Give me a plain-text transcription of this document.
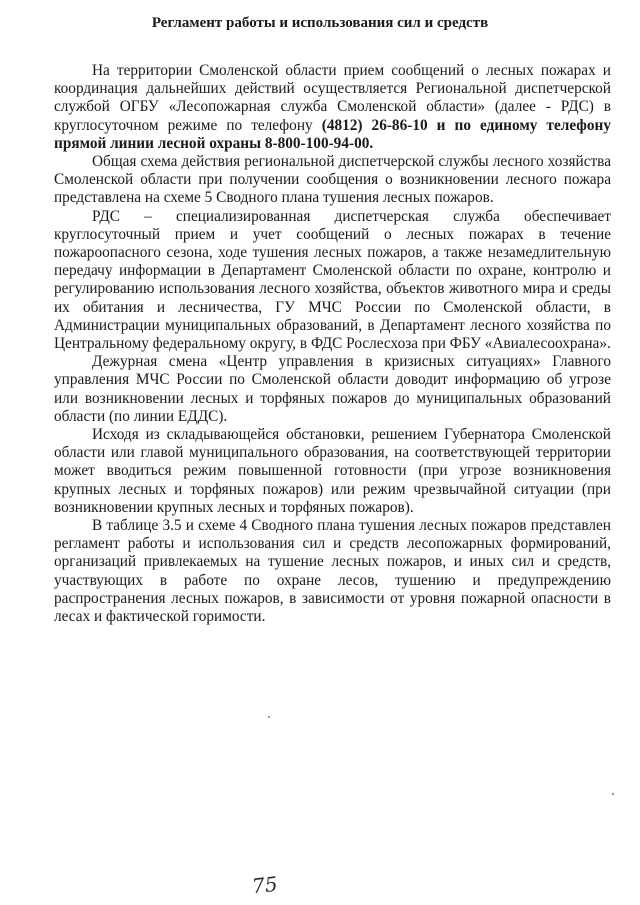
Регламент работы и использования сил и средств

На территории Смоленской области прием сообщений о лесных пожарах и координация дальнейших действий осуществляется Региональной диспетчерской службой ОГБУ «Лесопожарная служба Смоленской области» (далее - РДС) в круглосуточном режиме по телефону (4812) 26-86-10 и по единому телефону прямой линии лесной охраны 8-800-100-94-00.

Общая схема действия региональной диспетчерской службы лесного хозяйства Смоленской области при получении сообщения о возникновении лесного пожара представлена на схеме 5 Сводного плана тушения лесных пожаров.

РДС – специализированная диспетчерская служба обеспечивает круглосуточный прием и учет сообщений о лесных пожарах в течение пожароопасного сезона, ходе тушения лесных пожаров, а также незамедлительную передачу информации в Департамент Смоленской области по охране, контролю и регулированию использования лесного хозяйства, объектов животного мира и среды их обитания и лесничества, ГУ МЧС России по Смоленской области, в Администрации муниципальных образований, в Департамент лесного хозяйства по Центральному федеральному округу, в ФДС Рослесхоза при ФБУ «Авиалесоохрана».

Дежурная смена «Центр управления в кризисных ситуациях» Главного управления МЧС России по Смоленской области доводит информацию об угрозе или возникновении лесных и торфяных пожаров до муниципальных образований области (по линии ЕДДС).

Исходя из складывающейся обстановки, решением Губернатора Смоленской области или главой муниципального образования, на соответствующей территории может вводиться режим повышенной готовности (при угрозе возникновения крупных лесных и торфяных пожаров) или режим чрезвычайной ситуации (при возникновении крупных лесных и торфяных пожаров).

В таблице 3.5 и схеме 4 Сводного плана тушения лесных пожаров представлен регламент работы и использования сил и средств лесопожарных формирований, организаций привлекаемых на тушение лесных пожаров, и иных сил и средств, участвующих в работе по охране лесов, тушению и предупреждению распространения лесных пожаров, в зависимости от уровня пожарной опасности в лесах и фактической горимости.

75
